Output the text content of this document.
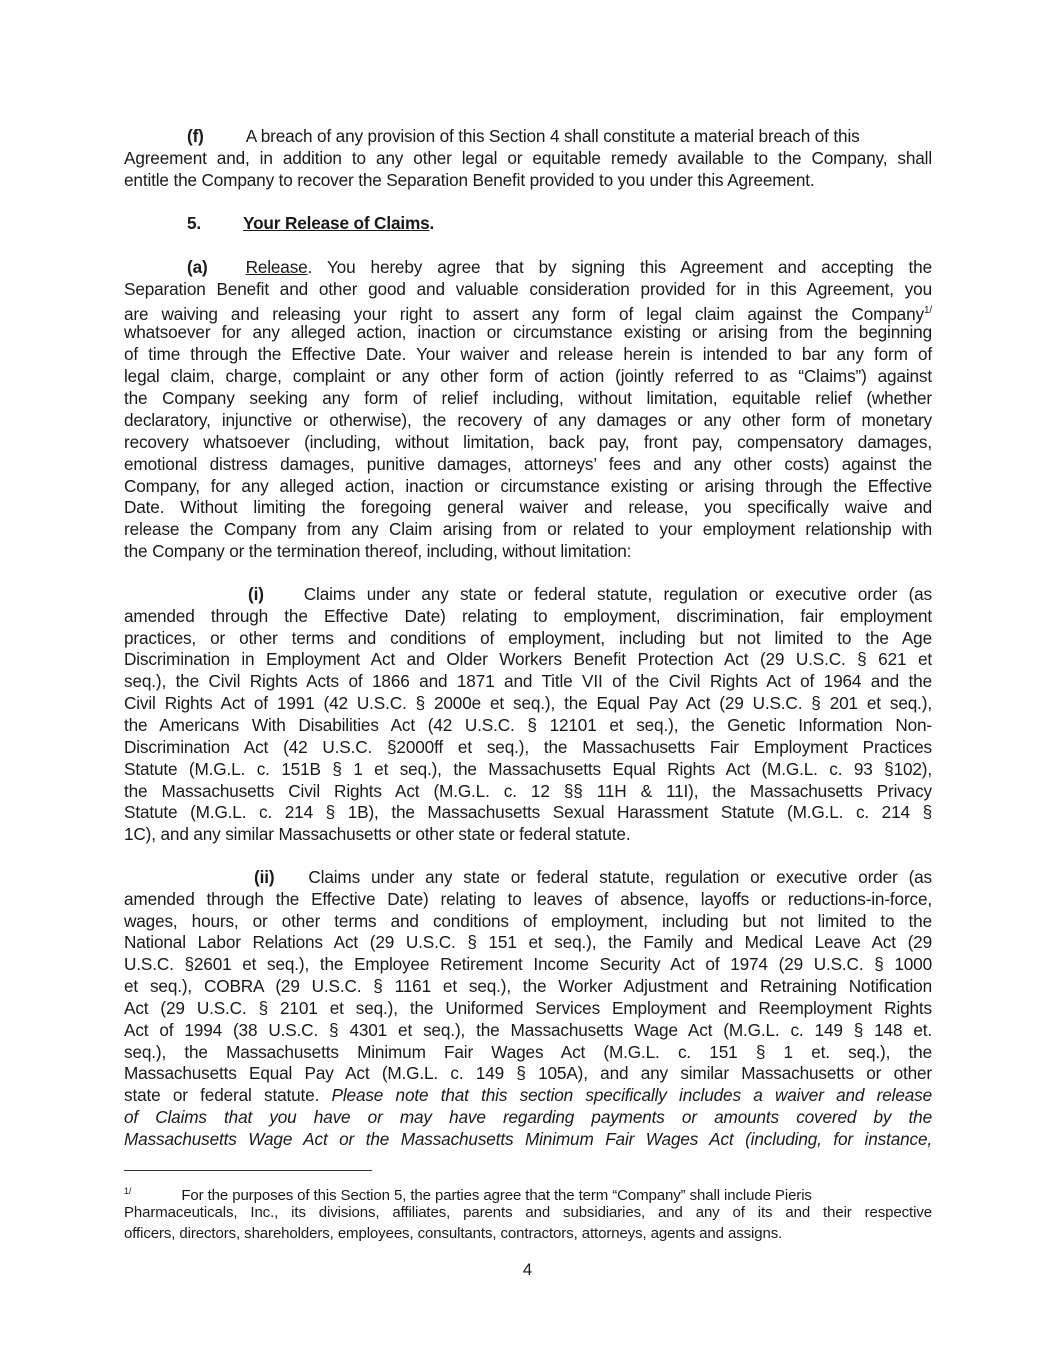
(f) A breach of any provision of this Section 4 shall constitute a material breach of this
Agreement and, in addition to any other legal or equitable remedy available to the Company, shall
entitle the Company to recover the Separation Benefit provided to you under this Agreement.
5. Your Release of Claims.
(a) Release. You hereby agree that by signing this Agreement and accepting the
Separation Benefit and other good and valuable consideration provided for in this Agreement, you
are waiving and releasing your right to assert any form of legal claim against the Company$^{1/}$
whatsoever for any alleged action, inaction or circumstance existing or arising from the beginning
of time through the Effective Date. Your waiver and release herein is intended to bar any form of
legal claim, charge, complaint or any other form of action (jointly referred to as “Claims”) against
the Company seeking any form of relief including, without limitation, equitable relief (whether
declaratory, injunctive or otherwise), the recovery of any damages or any other form of monetary
recovery whatsoever (including, without limitation, back pay, front pay, compensatory damages,
emotional distress damages, punitive damages, attorneys’ fees and any other costs) against the
Company, for any alleged action, inaction or circumstance existing or arising through the Effective
Date. Without limiting the foregoing general waiver and release, you specifically waive and
release the Company from any Claim arising from or related to your employment relationship with
the Company or the termination thereof, including, without limitation:
(i) Claims under any state or federal statute, regulation or executive order (as
amended through the Effective Date) relating to employment, discrimination, fair employment
practices, or other terms and conditions of employment, including but not limited to the Age
Discrimination in Employment Act and Older Workers Benefit Protection Act (29 U.S.C. § 621 et
seq.), the Civil Rights Acts of 1866 and 1871 and Title VII of the Civil Rights Act of 1964 and the
Civil Rights Act of 1991 (42 U.S.C. § 2000e et seq.), the Equal Pay Act (29 U.S.C. § 201 et seq.),
the Americans With Disabilities Act (42 U.S.C. § 12101 et seq.), the Genetic Information Non-
Discrimination Act (42 U.S.C. §2000ff et seq.), the Massachusetts Fair Employment Practices
Statute (M.G.L. c. 151B § 1 et seq.), the Massachusetts Equal Rights Act (M.G.L. c. 93 §102),
the Massachusetts Civil Rights Act (M.G.L. c. 12 §§ 11H & 11I), the Massachusetts Privacy
Statute (M.G.L. c. 214 § 1B), the Massachusetts Sexual Harassment Statute (M.G.L. c. 214 §
1C), and any similar Massachusetts or other state or federal statute.
(ii) Claims under any state or federal statute, regulation or executive order (as
amended through the Effective Date) relating to leaves of absence, layoffs or reductions-in-force,
wages, hours, or other terms and conditions of employment, including but not limited to the
National Labor Relations Act (29 U.S.C. § 151 et seq.), the Family and Medical Leave Act (29
U.S.C. §2601 et seq.), the Employee Retirement Income Security Act of 1974 (29 U.S.C. § 1000
et seq.), COBRA (29 U.S.C. § 1161 et seq.), the Worker Adjustment and Retraining Notification
Act (29 U.S.C. § 2101 et seq.), the Uniformed Services Employment and Reemployment Rights
Act of 1994 (38 U.S.C. § 4301 et seq.), the Massachusetts Wage Act (M.G.L. c. 149 § 148 et.
seq.), the Massachusetts Minimum Fair Wages Act (M.G.L. c. 151 § 1 et. seq.), the
Massachusetts Equal Pay Act (M.G.L. c. 149 § 105A), and any similar Massachusetts or other
state or federal statute. Please note that this section specifically includes a waiver and release
of Claims that you have or may have regarding payments or amounts covered by the
Massachusetts Wage Act or the Massachusetts Minimum Fair Wages Act (including, for instance,
$^{1/}$	For the purposes of this Section 5, the parties agree that the term “Company” shall include Pieris
Pharmaceuticals, Inc., its divisions, affiliates, parents and subsidiaries, and any of its and their respective
officers, directors, shareholders, employees, consultants, contractors, attorneys, agents and assigns.
4
